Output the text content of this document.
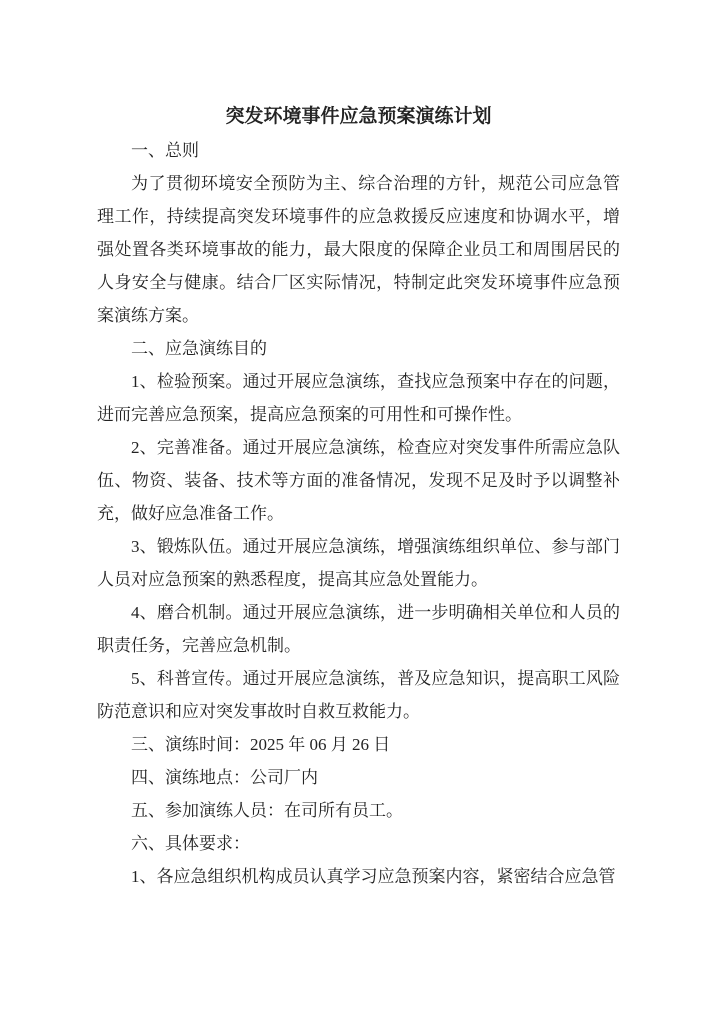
突发环境事件应急预案演练计划

一、总则

为了贯彻环境安全预防为主、综合治理的方针，规范公司应急管理工作，持续提高突发环境事件的应急救援反应速度和协调水平，增强处置各类环境事故的能力，最大限度的保障企业员工和周围居民的人身安全与健康。结合厂区实际情况，特制定此突发环境事件应急预案演练方案。

二、应急演练目的

1、检验预案。通过开展应急演练，查找应急预案中存在的问题，进而完善应急预案，提高应急预案的可用性和可操作性。

2、完善准备。通过开展应急演练，检查应对突发事件所需应急队伍、物资、装备、技术等方面的准备情况，发现不足及时予以调整补充，做好应急准备工作。

3、锻炼队伍。通过开展应急演练，增强演练组织单位、参与部门人员对应急预案的熟悉程度，提高其应急处置能力。

4、磨合机制。通过开展应急演练，进一步明确相关单位和人员的职责任务，完善应急机制。

5、科普宣传。通过开展应急演练，普及应急知识，提高职工风险防范意识和应对突发事故时自救互救能力。

三、演练时间：2025 年 06 月 26 日

四、演练地点：公司厂内

五、参加演练人员：在司所有员工。

六、具体要求：

1、各应急组织机构成员认真学习应急预案内容，紧密结合应急管
